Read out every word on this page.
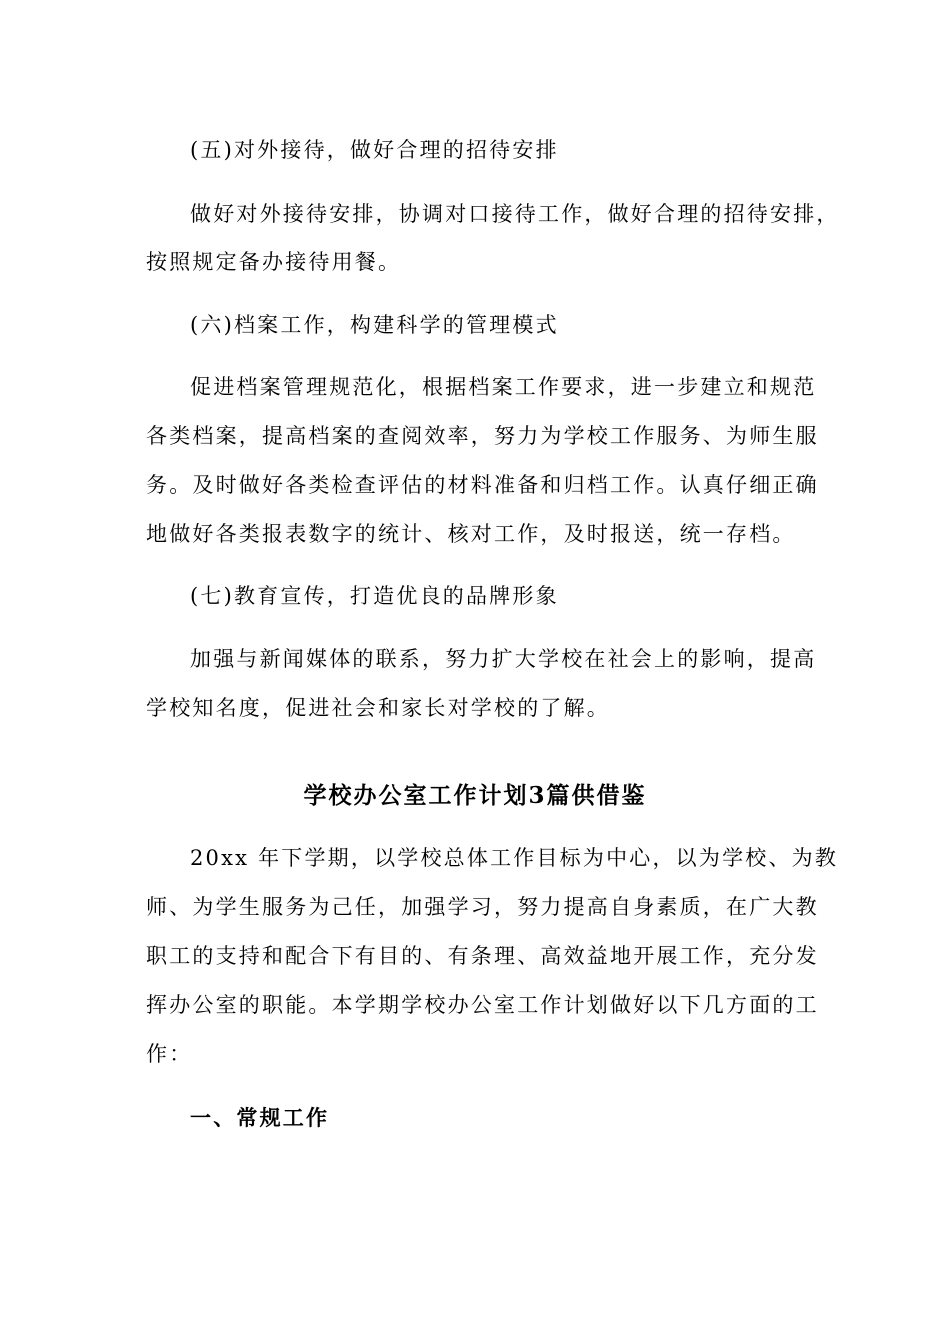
(五)对外接待，做好合理的招待安排
做好对外接待安排，协调对口接待工作，做好合理的招待安排，
按照规定备办接待用餐。
(六)档案工作，构建科学的管理模式
促进档案管理规范化，根据档案工作要求，进一步建立和规范
各类档案，提高档案的查阅效率，努力为学校工作服务、为师生服
务。及时做好各类检查评估的材料准备和归档工作。认真仔细正确
地做好各类报表数字的统计、核对工作，及时报送，统一存档。
(七)教育宣传，打造优良的品牌形象
加强与新闻媒体的联系，努力扩大学校在社会上的影响，提高
学校知名度，促进社会和家长对学校的了解。
学校办公室工作计划3篇供借鉴
20xx 年下学期，以学校总体工作目标为中心，以为学校、为教
师、为学生服务为己任，加强学习，努力提高自身素质，在广大教
职工的支持和配合下有目的、有条理、高效益地开展工作，充分发
挥办公室的职能。本学期学校办公室工作计划做好以下几方面的工
作：
一、常规工作
